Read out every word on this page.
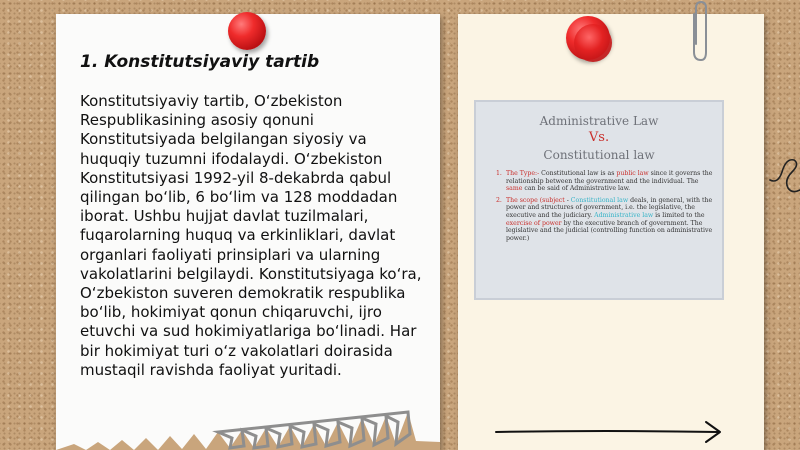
1. Konstitutsiyaviy tartib

Konstitutsiyaviy tartib, O‘zbekiston Respublikasining asosiy qonuni Konstitutsiyada belgilangan siyosiy va huquqiy tuzumni ifodalaydi. O‘zbekiston Konstitutsiyasi 1992-yil 8-dekabrda qabul qilingan bo‘lib, 6 bo‘lim va 128 moddadan iborat. Ushbu hujjat davlat tuzilmalari, fuqarolarning huquq va erkinliklari, davlat organlari faoliyati prinsiplari va ularning vakolatlarini belgilaydi. Konstitutsiyaga ko‘ra, O‘zbekiston suveren demokratik respublika bo‘lib, hokimiyat qonun chiqaruvchi, ijro etuvchi va sud hokimiyatlariga bo‘linadi. Har bir hokimiyat turi o‘z vakolatlari doirasida mustaqil ravishda faoliyat yuritadi.

Administrative Law

Vs.

Constitutional law

1. The Type:- Constitutional law is as public law since it governs the relationship between the government and the individual. The same can be said of Administrative law.
2. The scope (subject - Constitutional law deals, in general, with the power and structures of government, i.e. the legislative, the executive and the judiciary. Administrative law is limited to the exercise of power by the executive branch of government. The legislative and the judicial (controlling function on administrative power.)
